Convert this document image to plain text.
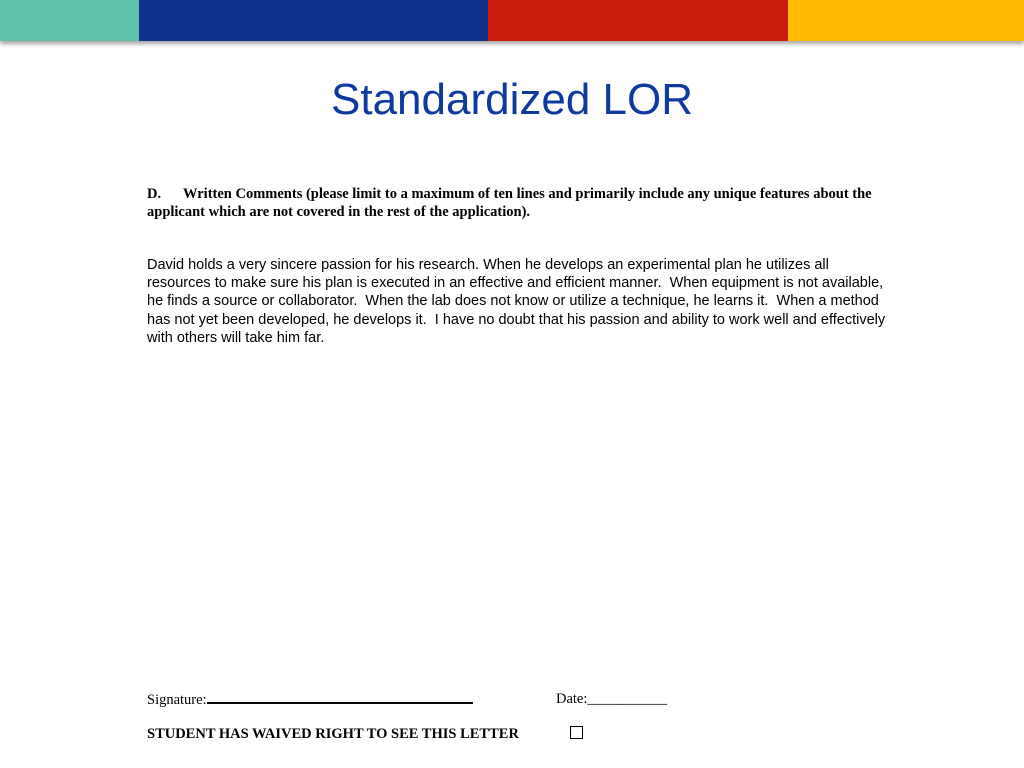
Standardized LOR

D. Written Comments (please limit to a maximum of ten lines and primarily include any unique features about the applicant which are not covered in the rest of the application).

David holds a very sincere passion for his research. When he develops an experimental plan he utilizes all resources to make sure his plan is executed in an effective and efficient manner.  When equipment is not available, he finds a source or collaborator.  When the lab does not know or utilize a technique, he learns it.  When a method has not yet been developed, he develops it.  I have no doubt that his passion and ability to work well and effectively with others will take him far.

Signature:	Date:___________
STUDENT HAS WAIVED RIGHT TO SEE THIS LETTER
